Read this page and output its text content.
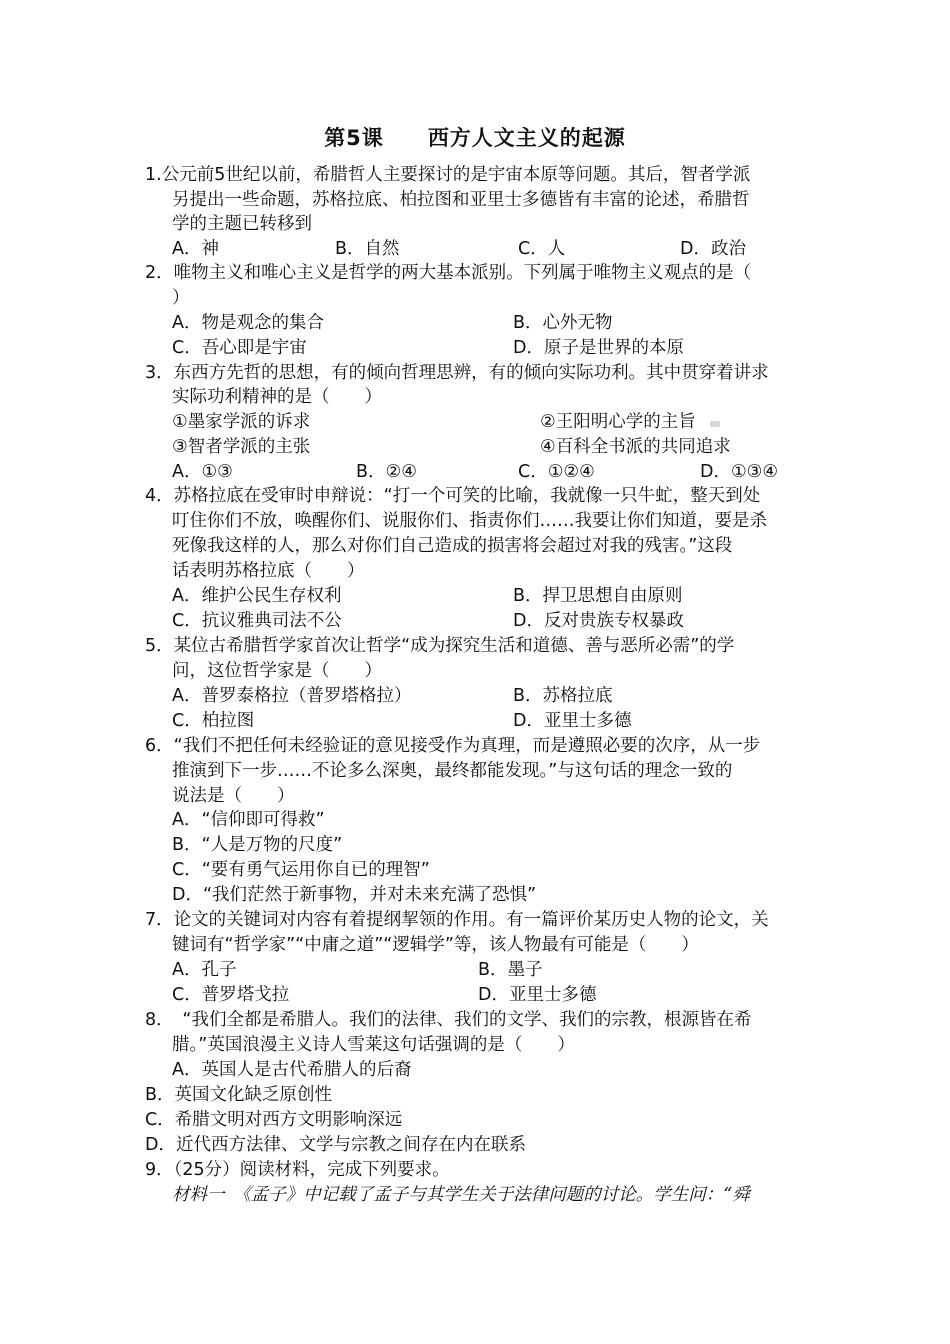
第5课 西方人文主义的起源
1.公元前5世纪以前，希腊哲人主要探讨的是宇宙本原等问题。其后，智者学派
另提出一些命题，苏格拉底、柏拉图和亚里士多德皆有丰富的论述，希腊哲
学的主题已转移到
A．神	B．自然	C．人	D．政治
2．唯物主义和唯心主义是哲学的两大基本派别。下列属于唯物主义观点的是（
）
A．物是观念的集合	B．心外无物
C．吾心即是宇宙	D．原子是世界的本原
3．东西方先哲的思想，有的倾向哲理思辨，有的倾向实际功利。其中贯穿着讲求
实际功利精神的是（　　）
①墨家学派的诉求	②王阳明心学的主旨
③智者学派的主张	④百科全书派的共同追求
A．①③	B．②④	C．①②④	D．①③④
4．苏格拉底在受审时申辩说：“打一个可笑的比喻，我就像一只牛虻，整天到处
叮住你们不放，唤醒你们、说服你们、指责你们……我要让你们知道，要是杀
死像我这样的人，那么对你们自己造成的损害将会超过对我的残害。”这段
话表明苏格拉底（　　）
A．维护公民生存权利	B．捍卫思想自由原则
C．抗议雅典司法不公	D．反对贵族专权暴政
5．某位古希腊哲学家首次让哲学“成为探究生活和道德、善与恶所必需”的学
问，这位哲学家是（　　）
A．普罗泰格拉（普罗塔格拉）	B．苏格拉底
C．柏拉图	D．亚里士多德
6．“我们不把任何未经验证的意见接受作为真理，而是遵照必要的次序，从一步
推演到下一步……不论多么深奥，最终都能发现。”与这句话的理念一致的
说法是（　　）
A．“信仰即可得救”
B．“人是万物的尺度”
C．“要有勇气运用你自已的理智”
D．“我们茫然于新事物，并对未来充满了恐惧”
7．论文的关键词对内容有着提纲挈领的作用。有一篇评价某历史人物的论文，关
键词有“哲学家”“中庸之道”“逻辑学”等，该人物最有可能是（　　）
A．孔子	B．墨子
C．普罗塔戈拉	D．亚里士多德
8．　“我们全都是希腊人。我们的法律、我们的文学、我们的宗教，根源皆在希
腊。”英国浪漫主义诗人雪莱这句话强调的是（　　）
A．英国人是古代希腊人的后裔
B．英国文化缺乏原创性
C．希腊文明对西方文明影响深远
D．近代西方法律、文学与宗教之间存在内在联系
9．（25分）阅读材料，完成下列要求。
材料一　《孟子》中记载了孟子与其学生关于法律问题的讨论。学生问：“舜
